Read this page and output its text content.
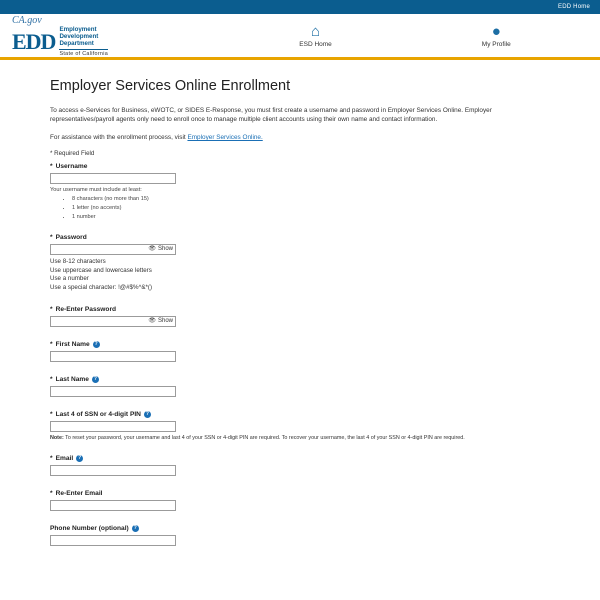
EDD Home
CA.gov
EDD Employment
Development
Department
State of California
⌂
ESD Home
●
My Profile
Employer Services Online Enrollment

To access e-Services for Business, eWOTC, or SIDES E-Response, you must first create a username and password in Employer Services Online. Employer representatives/payroll agents only need to enroll once to manage multiple client accounts using their own name and contact information.

For assistance with the enrollment process, visit Employer Services Online.

* Required Field

* Username

Your username must include at least:

• 8 characters (no more than 15)
• 1 letter (no accents)
• 1 number
* Password
👁 Show
Use 8-12 characters
Use uppercase and lowercase letters
Use a number
Use a special character: !@#$%^&*()
* Re-Enter Password
👁 Show
* First Name ?
* Last Name ?
* Last 4 of SSN or 4-digit PIN ?

Note: To reset your password, your username and last 4 of your SSN or 4-digit PIN are required. To recover your username, the last 4 of your SSN or 4-digit PIN are required.

* Email ?
* Re-Enter Email
Phone Number (optional) ?
